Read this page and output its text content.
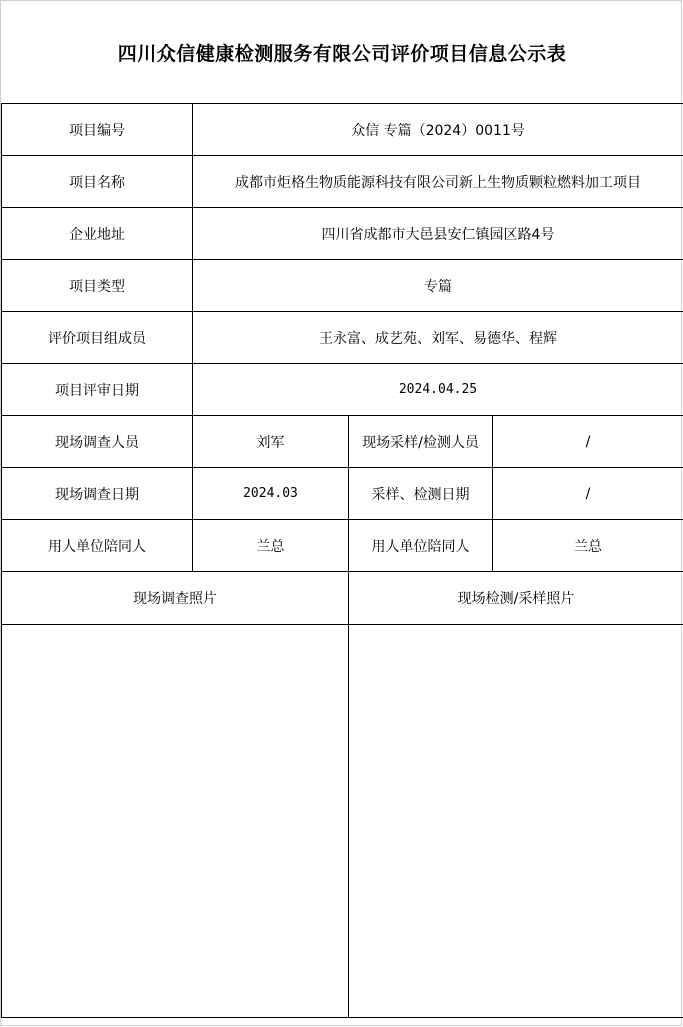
四川众信健康检测服务有限公司评价项目信息公示表
项目编号	众信 专篇（2024）0011号		
项目名称	成都市炬格生物质能源科技有限公司新上生物质颗粒燃料加工项目		
企业地址	四川省成都市大邑县安仁镇园区路4号		
项目类型	专篇		
评价项目组成员	王永富、成艺苑、刘军、易德华、程辉		
项目评审日期	2024.04.25		
现场调查人员	刘军	现场采样/检测人员	/
现场调查日期	2024.03	采样、检测日期	/
用人单位陪同人	兰总	用人单位陪同人	兰总
现场调查照片		现场检测/采样照片	
